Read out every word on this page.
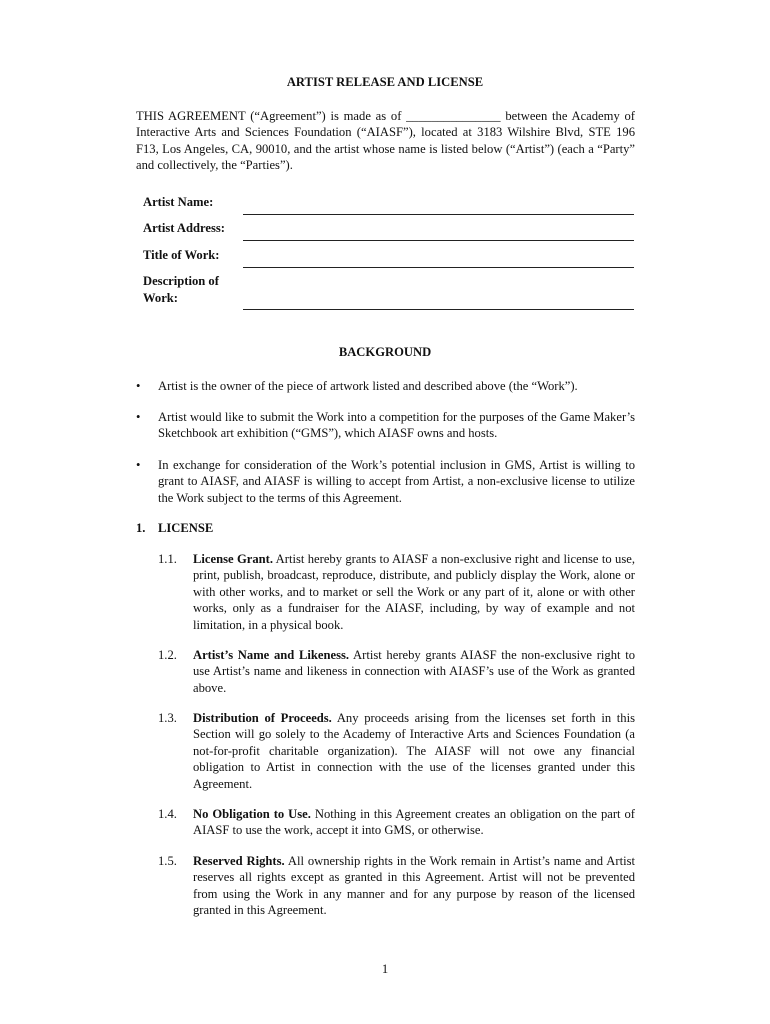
ARTIST RELEASE AND LICENSE

THIS AGREEMENT (“Agreement”) is made as of _______________ between the Academy of Interactive Arts and Sciences Foundation (“AIASF”), located at 3183 Wilshire Blvd, STE 196 F13, Los Angeles, CA, 90010, and the artist whose name is listed below (“Artist”) (each a “Party” and collectively, the “Parties”).

Artist Name:
Artist Address:
Title of Work:
Description of
Work:
BACKGROUND
• Artist is the owner of the piece of artwork listed and described above (the “Work”).

• Artist would like to submit the Work into a competition for the purposes of the Game Maker’s Sketchbook art exhibition (“GMS”), which AIASF owns and hosts.

• In exchange for consideration of the Work’s potential inclusion in GMS, Artist is willing to grant to AIASF, and AIASF is willing to accept from Artist, a non-exclusive license to utilize the Work subject to the terms of this Agreement.

1. LICENSE
1.1. License Grant. Artist hereby grants to AIASF a non-exclusive right and license to use, print, publish, broadcast, reproduce, distribute, and publicly display the Work, alone or with other works, and to market or sell the Work or any part of it, alone or with other works, only as a fundraiser for the AIASF, including, by way of example and not limitation, in a physical book.

1.2. Artist’s Name and Likeness. Artist hereby grants AIASF the non-exclusive right to use Artist’s name and likeness in connection with AIASF’s use of the Work as granted above.

1.3. Distribution of Proceeds. Any proceeds arising from the licenses set forth in this Section will go solely to the Academy of Interactive Arts and Sciences Foundation (a not-for-profit charitable organization). The AIASF will not owe any financial obligation to Artist in connection with the use of the licenses granted under this Agreement.

1.4. No Obligation to Use. Nothing in this Agreement creates an obligation on the part of AIASF to use the work, accept it into GMS, or otherwise.

1.5. Reserved Rights. All ownership rights in the Work remain in Artist’s name and Artist reserves all rights except as granted in this Agreement. Artist will not be prevented from using the Work in any manner and for any purpose by reason of the licensed granted in this Agreement.

1
